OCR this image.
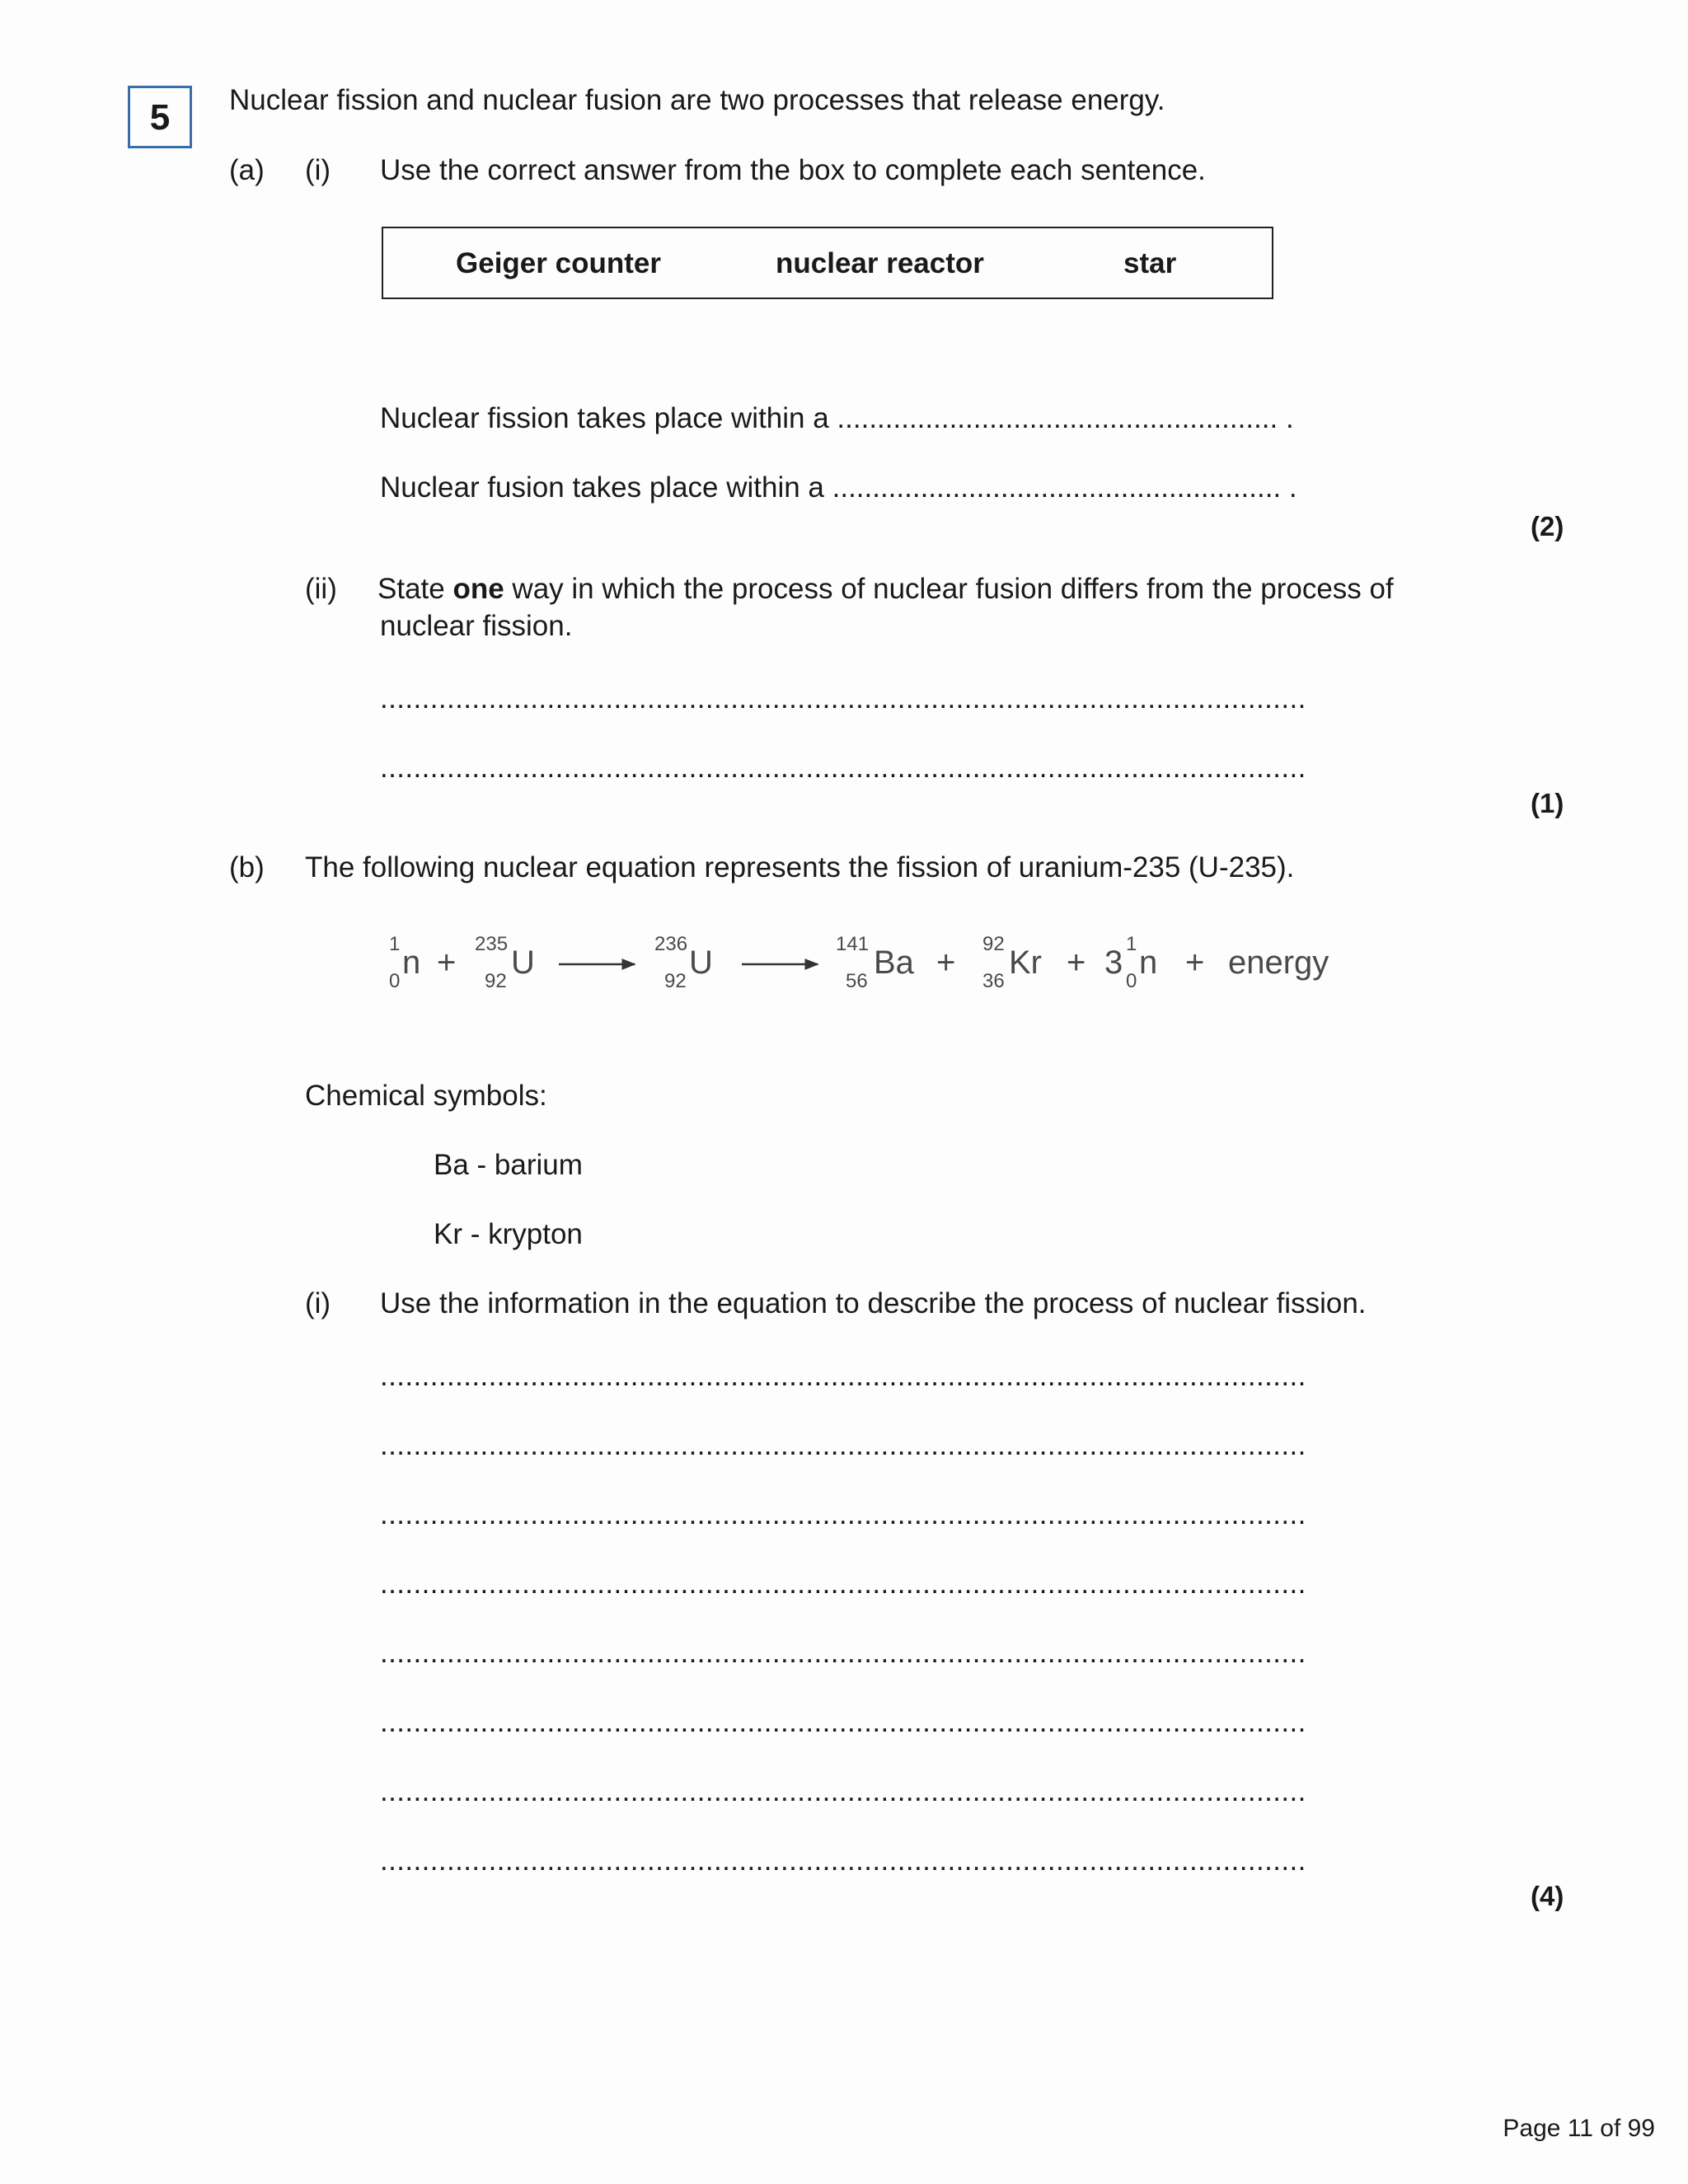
5	Nuclear fission and nuclear fusion are two processes that release energy.
(a) (i) Use the correct answer from the box to complete each sentence.
Geiger counter	nuclear reactor	star
Nuclear fission takes place within a ....................................................... .
Nuclear fusion takes place within a ........................................................ .
(2)
(ii) State one way in which the process of nuclear fusion differs from the process of
nuclear fission.
...............................................................................................................
...............................................................................................................
(1)
(b) The following nuclear equation represents the fission of uranium-235 (U-235).
1
0
n +
235
92
U
236
92
U
141
56
Ba +
92
36
Kr + 3
1
0
n + energy
Chemical symbols:
Ba - barium
Kr - krypton
(i) Use the information in the equation to describe the process of nuclear fission.
...............................................................................................................
...............................................................................................................
...............................................................................................................
...............................................................................................................
...............................................................................................................
...............................................................................................................
...............................................................................................................
...............................................................................................................
(4)
Page 11 of 99
